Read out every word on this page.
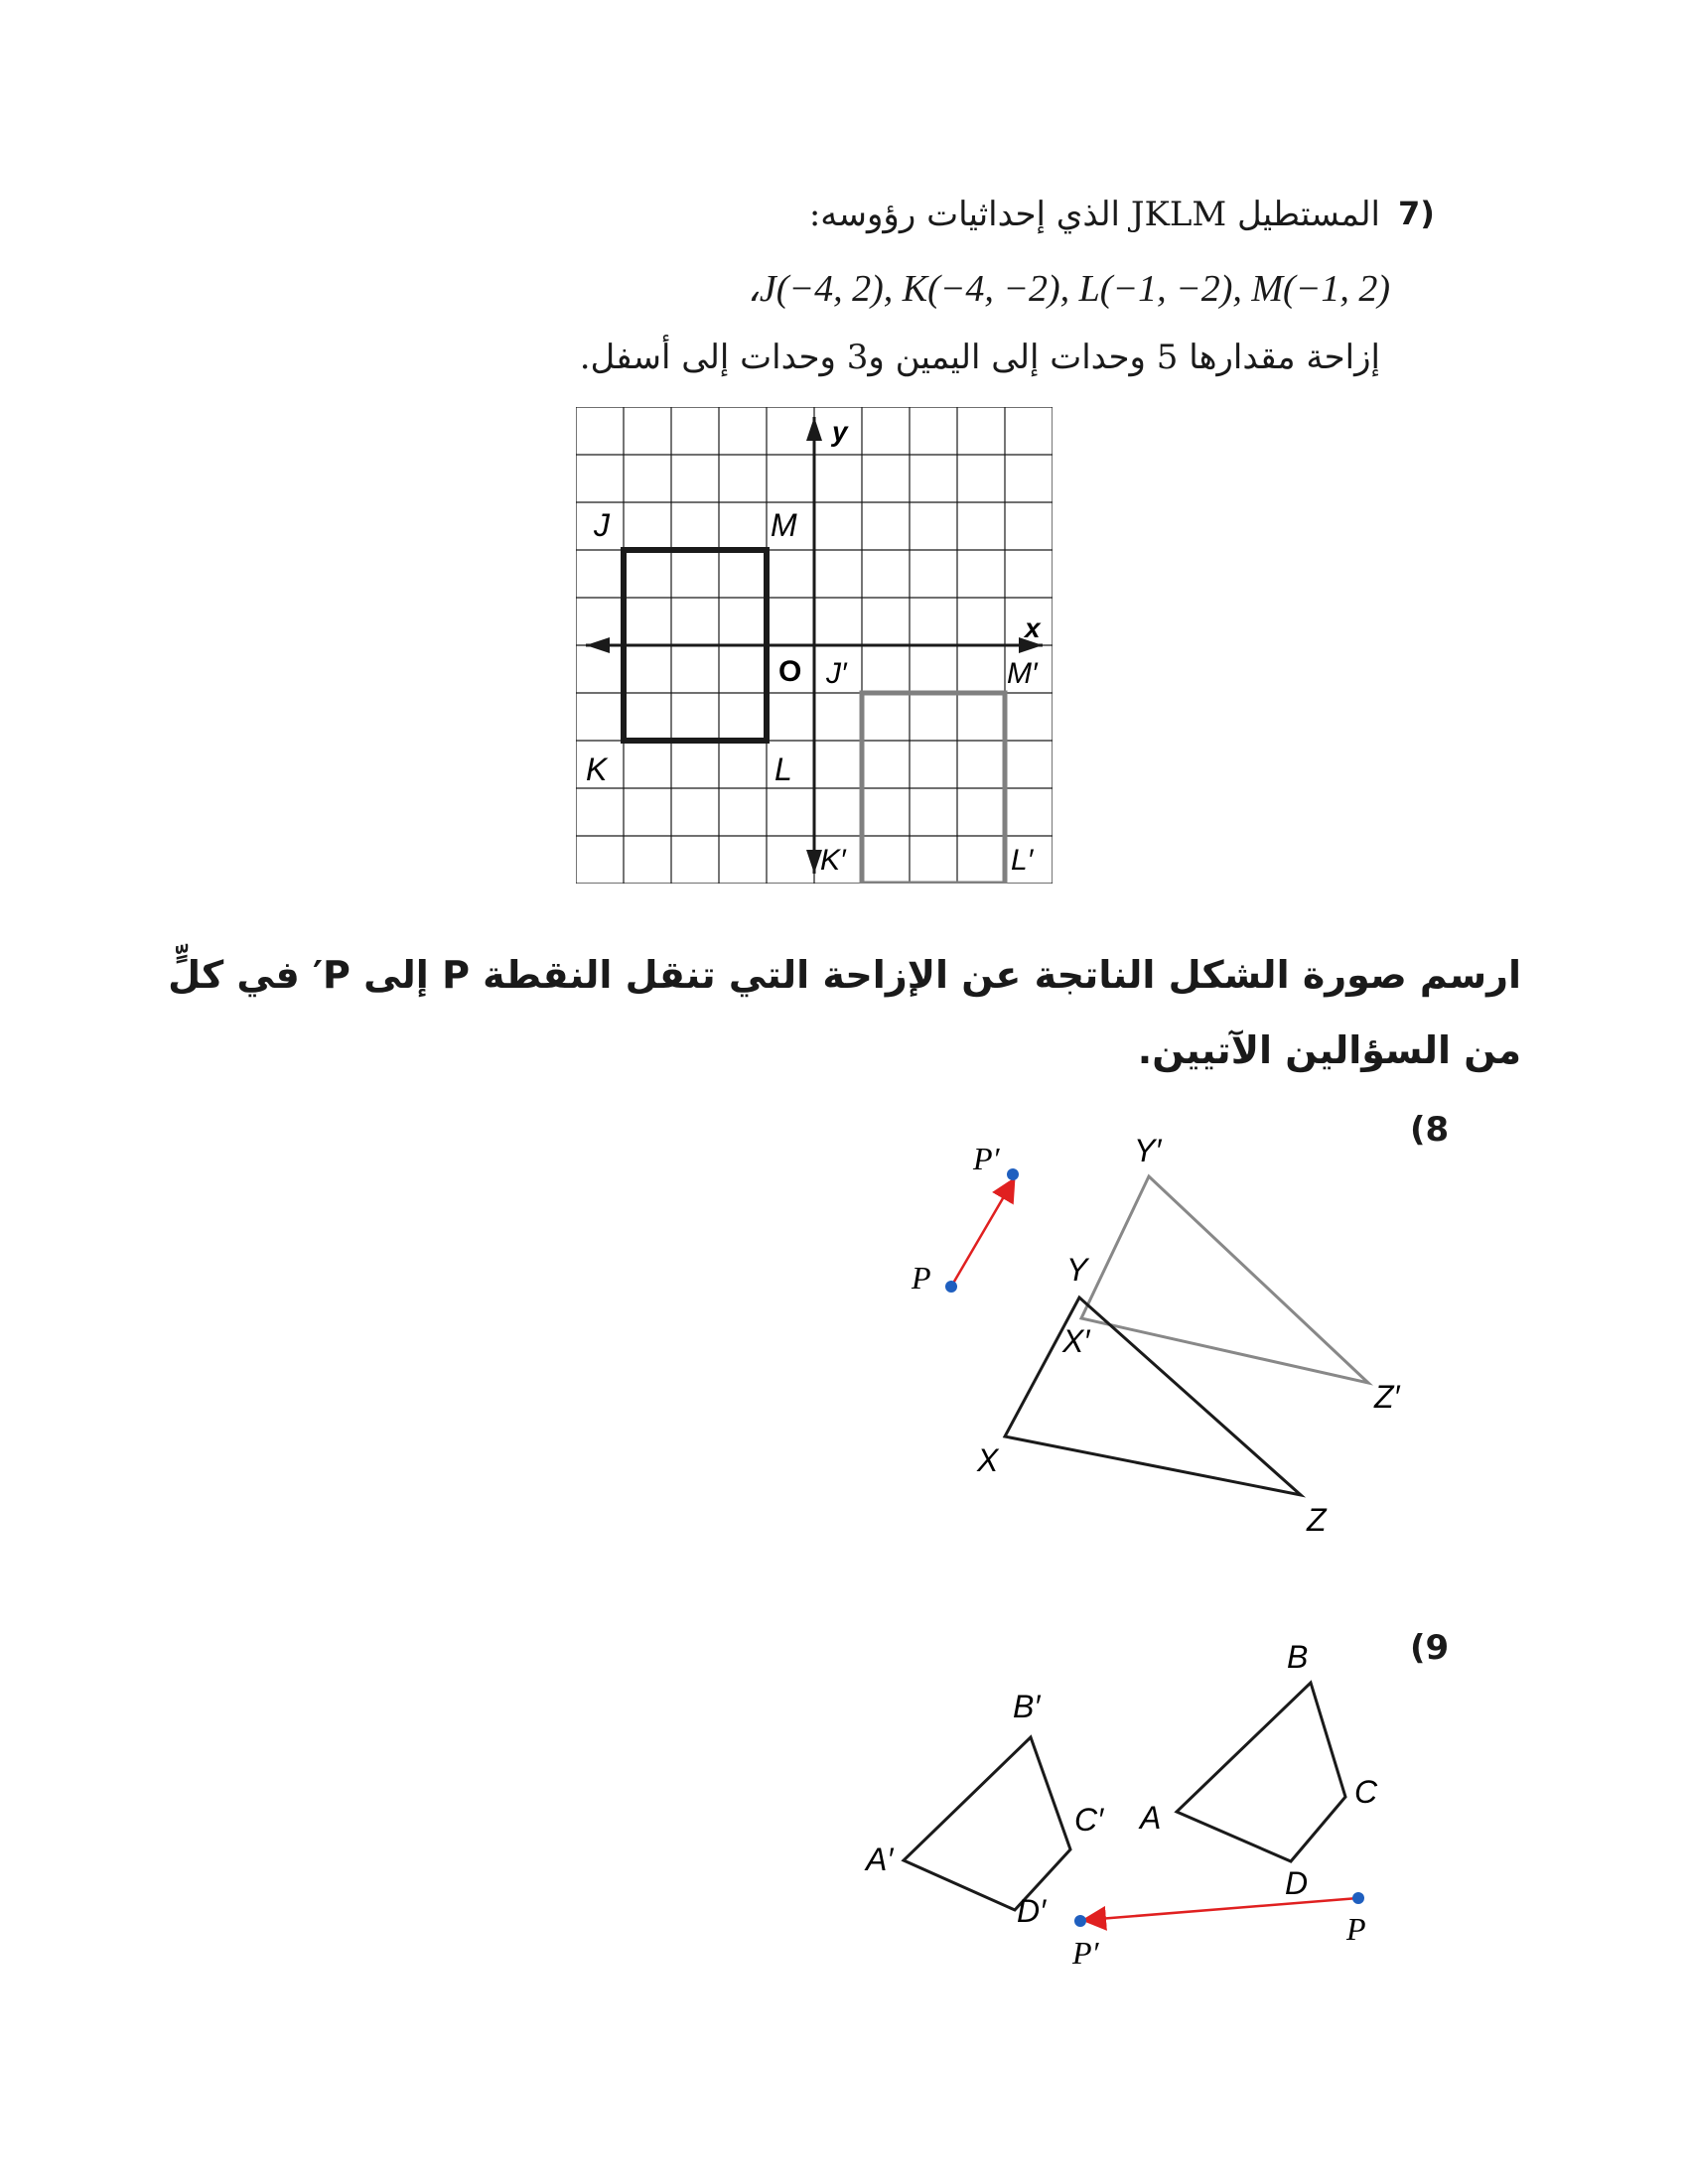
7)
المستطيل JKLM الذي إحداثيات رؤوسه:
،J(−4, 2), K(−4, −2), L(−1, −2), M(−1, 2)
إزاحة مقدارها 5 وحدات إلى اليمين و3 وحدات إلى أسفل.
y
x
O
J	M
K	L
J′	M′
K′	L′
ارسم صورة الشكل الناتجة عن الإزاحة التي تنقل النقطة P إلى P′ في كلٍّ
من السؤالين الآتيين.
(8
P
P′	Y′
Y
X′
Z′
X
Z
(9
B
C
A
D
B′
C′
A′
D′	P
P′
